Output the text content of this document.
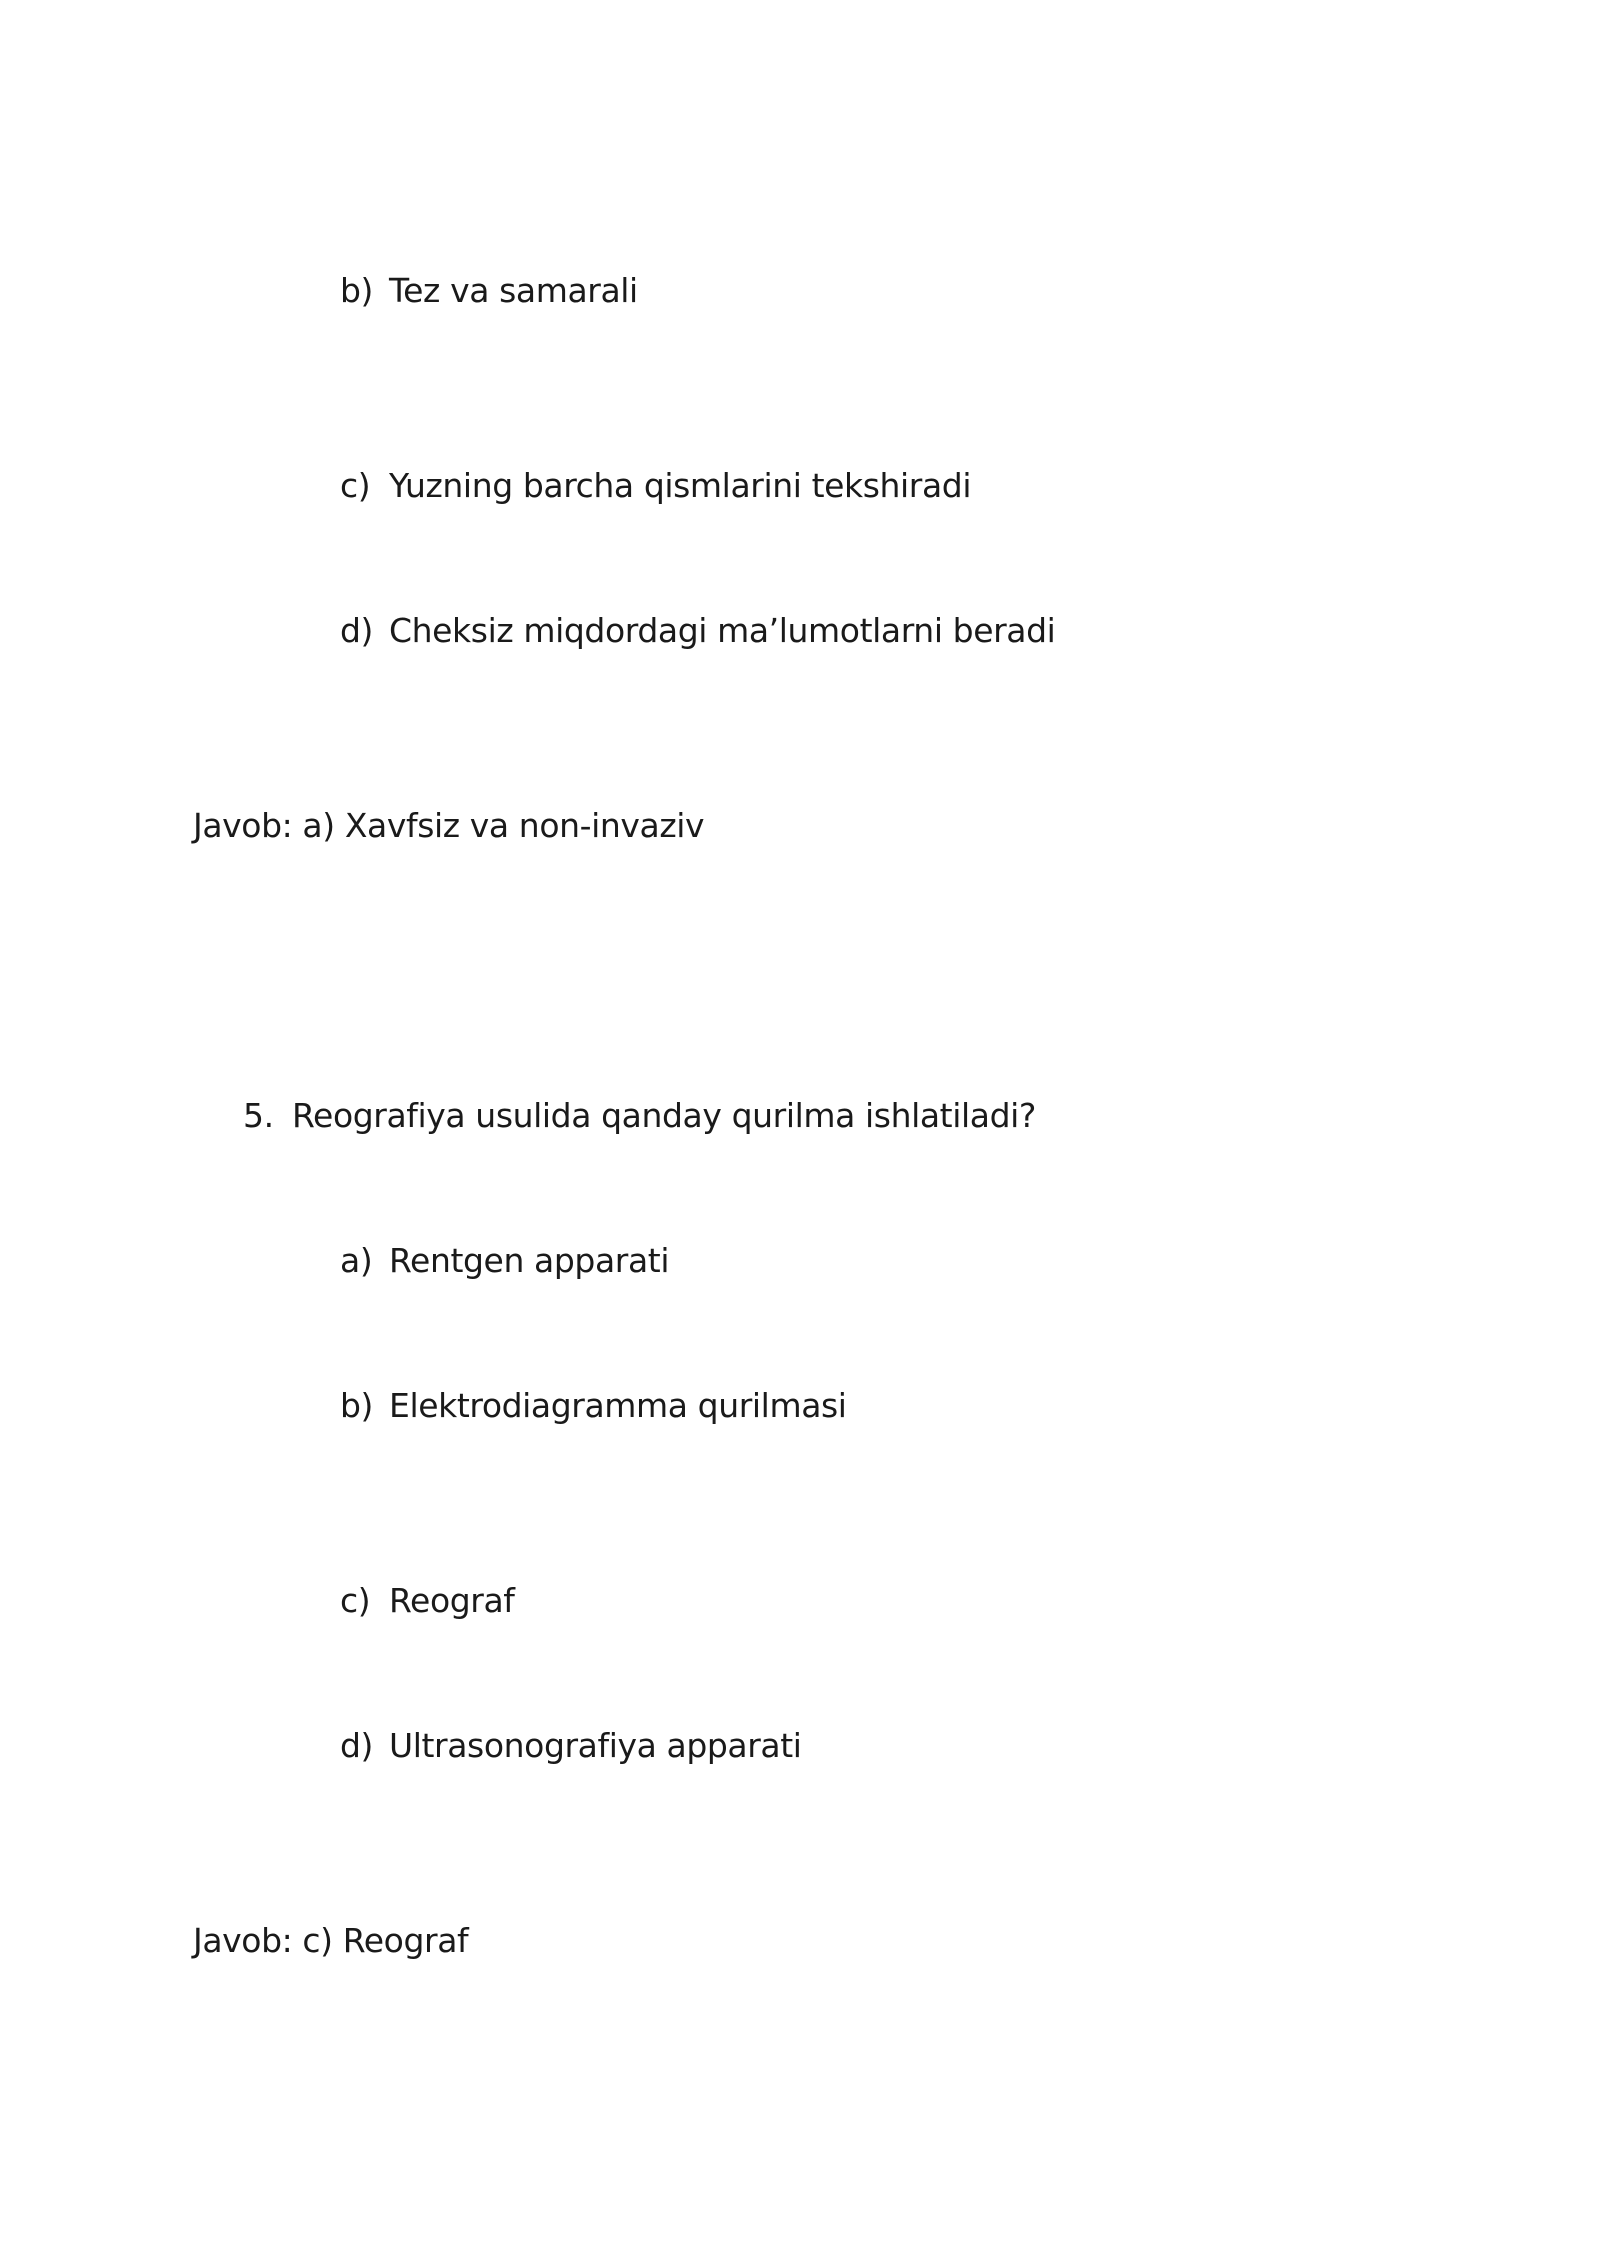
b) Tez va samarali
c) Yuzning barcha qismlarini tekshiradi
d) Cheksiz miqdordagi ma’lumotlarni beradi
Javob: a) Xavfsiz va non-invaziv
5. Reografiya usulida qanday qurilma ishlatiladi?
a) Rentgen apparati
b) Elektrodiagramma qurilmasi
c) Reograf
d) Ultrasonografiya apparati
Javob: c) Reograf
